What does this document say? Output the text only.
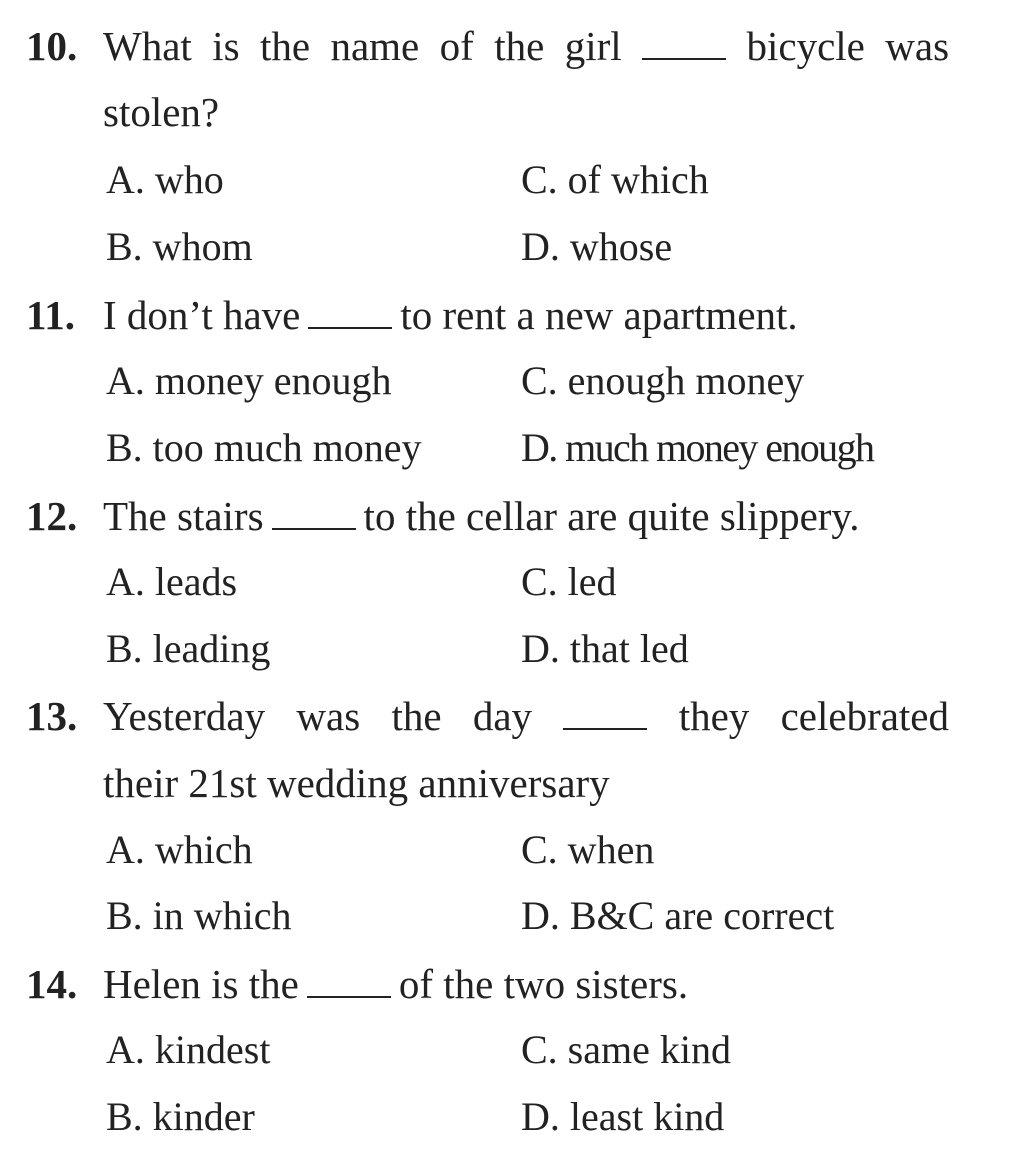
10. What is the name of the girl	bicycle was
stolen?
A. who	C. of which
B. whom	D. whose
11. I don’t have to rent a new apartment.
A. money enough	C. enough money
B. too much money D. much money enough
12. The stairs to the cellar are quite slippery.
A. leads	C. led
B. leading	D. that led
13. Yesterday was the day	they celebrated
their 21st wedding anniversary
A. which	C. when
B. in which	D. B&C are correct
14. Helen is the of the two sisters.
A. kindest	C. same kind
B. kinder	D. least kind
